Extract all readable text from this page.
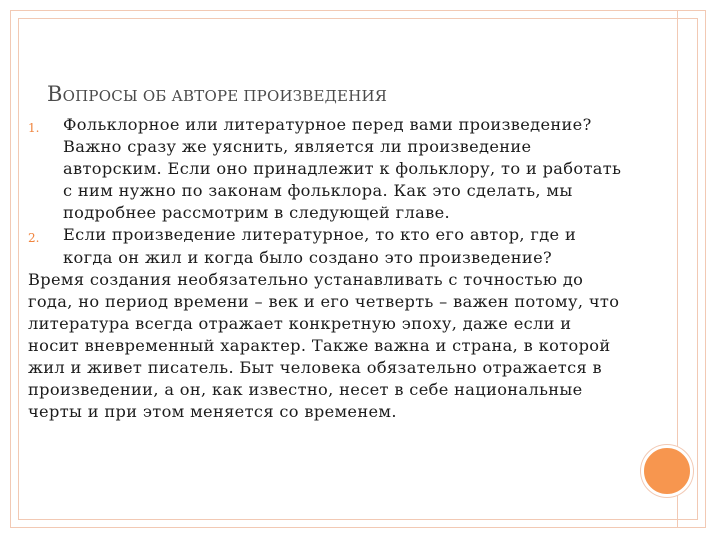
ВОПРОСЫ ОБ АВТОРЕ ПРОИЗВЕДЕНИЯ
1. Фольклорное или литературное перед вами произведение? Важно сразу же уяснить, является ли произведение авторским. Если оно принадлежит к фольклору, то и работать с ним нужно по законам фольклора. Как это сделать, мы подробнее рассмотрим в следующей главе.
2. Если произведение литературное, то кто его автор, где и когда он жил и когда было создано это произведение?

Время создания необязательно устанавливать с точностью до года, но период времени – век и его четверть – важен потому, что литература всегда отражает конкретную эпоху, даже если и носит вневременный характер. Также важна и страна, в которой жил и живет писатель. Быт человека обязательно отражается в произведении, а он, как известно, несет в себе национальные черты и при этом меняется со временем.
